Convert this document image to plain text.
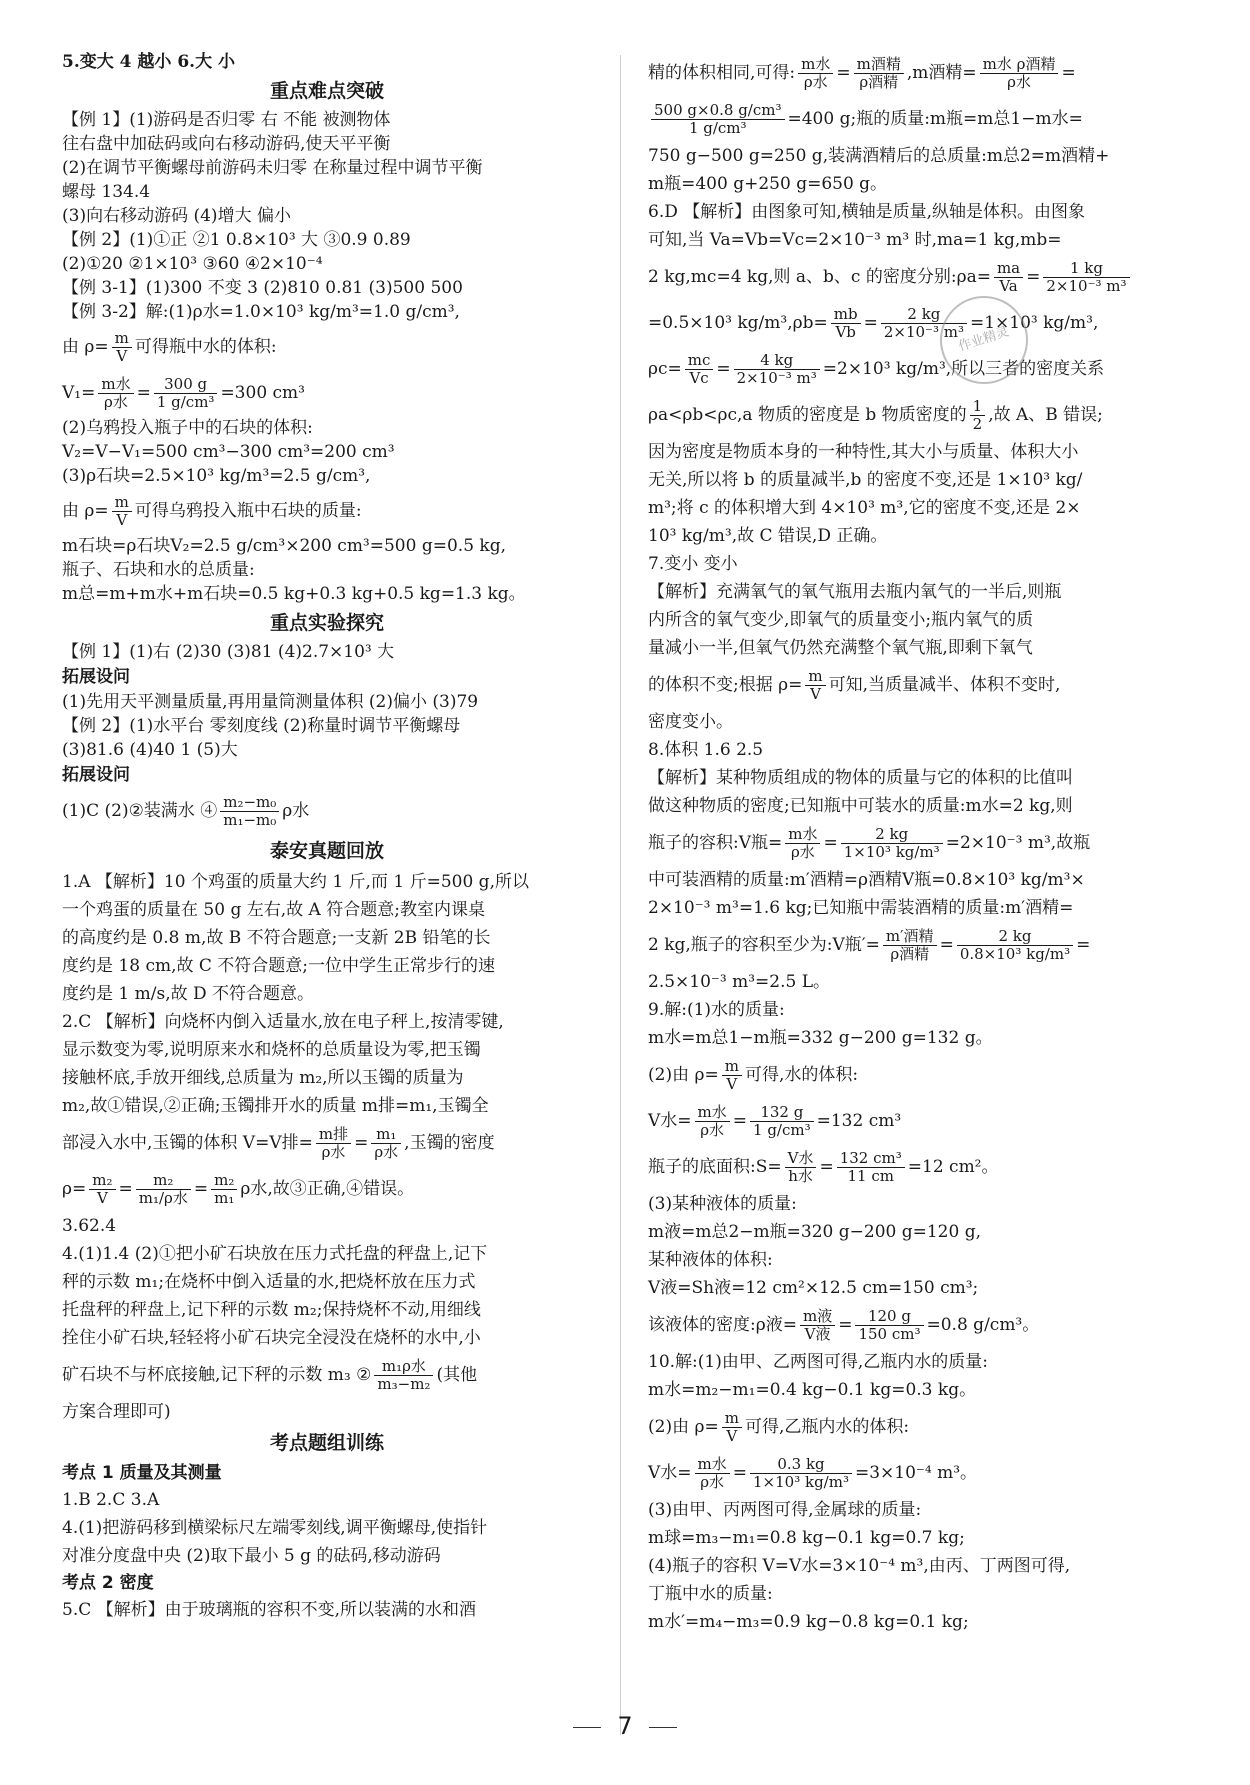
5.变大 4 越小 6.大 小

重点难点突破

【例 1】(1)游码是否归零 右 不能 被测物体

往右盘中加砝码或向右移动游码,使天平平衡

(2)在调节平衡螺母前游码未归零 在称量过程中调节平衡

螺母 134.4

(3)向右移动游码 (4)增大 偏小

【例 2】(1)①正 ②1 0.8×10³ 大 ③0.9 0.89

(2)①20 ②1×10³ ③60 ④2×10⁻⁴

【例 3-1】(1)300 不变 3 (2)810 0.81 (3)500 500

【例 3-2】解:(1)ρ水=1.0×10³ kg/m³=1.0 g/cm³,

由 $\rho= \frac{m}{V}$ 可得瓶中水的体积:
$V_1= \frac{\text{m水}}{\text{ρ水}} = \frac{300 g}{\text{1 g/cm³}} =300$ cm³

(2)乌鸦投入瓶子中的石块的体积:

V₂=V−V₁=500 cm³−300 cm³=200 cm³

(3)ρ石块=2.5×10³ kg/m³=2.5 g/cm³,

由 $\rho= \frac{m}{V}$ 可得乌鸦投入瓶中石块的质量:

m石块=ρ石块V₂=2.5 g/cm³×200 cm³=500 g=0.5 kg,

瓶子、石块和水的总质量:

m总=m+m水+m石块=0.5 kg+0.3 kg+0.5 kg=1.3 kg。

重点实验探究

【例 1】(1)右 (2)30 (3)81 (4)2.7×10³ 大

拓展设问

(1)先用天平测量质量,再用量筒测量体积 (2)偏小 (3)79

【例 2】(1)水平台 零刻度线 (2)称量时调节平衡螺母

(3)81.6 (4)40 1 (5)大

拓展设问
(1)C (2)②装满水 ④ $\frac{\text{m₂−m₀}}{\text{m₁−m₀}}$ ρ水
泰安真题回放

1.A 【解析】10 个鸡蛋的质量大约 1 斤,而 1 斤=500 g,所以

一个鸡蛋的质量在 50 g 左右,故 A 符合题意;教室内课桌

的高度约是 0.8 m,故 B 不符合题意;一支新 2B 铅笔的长

度约是 18 cm,故 C 不符合题意;一位中学生正常步行的速

度约是 1 m/s,故 D 不符合题意。

2.C 【解析】向烧杯内倒入适量水,放在电子秤上,按清零键,

显示数变为零,说明原来水和烧杯的总质量设为零,把玉镯

接触杯底,手放开细线,总质量为 m₂,所以玉镯的质量为

m₂,故①错误,②正确;玉镯排开水的质量 m排=m₁,玉镯全

部浸入水中,玉镯的体积 V=V排= $\frac{\text{m排}}{\text{ρ水}} = \frac{\text{m₁}}{\text{ρ水}}$ ,玉镯的密度
$\rho= \frac{\text{m₂}}{V} = \frac{\text{m₂}}{\text{m₁/ρ水}} = \frac{\text{m₂}}{\text{m₁}}$ ρ水,故③正确,④错误。

3.62.4

4.(1)1.4 (2)①把小矿石块放在压力式托盘的秤盘上,记下

秤的示数 m₁;在烧杯中倒入适量的水,把烧杯放在压力式

托盘秤的秤盘上,记下秤的示数 m₂;保持烧杯不动,用细线

拴住小矿石块,轻轻将小矿石块完全浸没在烧杯的水中,小

矿石块不与杯底接触,记下秤的示数 m₃ ② $\frac{\text{m₁ρ水}}{\text{m₃−m₂}}$ (其他

方案合理即可)

考点题组训练
考点 1 质量及其测量

1.B 2.C 3.A

4.(1)把游码移到横梁标尺左端零刻线,调平衡螺母,使指针

对准分度盘中央 (2)取下最小 5 g 的砝码,移动游码

考点 2 密度

5.C 【解析】由于玻璃瓶的容积不变,所以装满的水和酒

精的体积相同,可得: $\frac{\text{m水}}{\text{ρ水}} = \frac{\text{m酒精}}{\text{ρ酒精}} ,m$酒精= $\frac{\text{m水 ρ酒精}}{\text{ρ水}}$ =
$\frac{\text{500 g×0.8 g/cm³}}{\text{1 g/cm³}} =400$ g;瓶的质量:m瓶=m总1−m水=

750 g−500 g=250 g,装满酒精后的总质量:m总2=m酒精+

m瓶=400 g+250 g=650 g。

6.D 【解析】由图象可知,横轴是质量,纵轴是体积。由图象

可知,当 Va=Vb=Vc=2×10⁻³ m³ 时,ma=1 kg,mb=

2 kg,mc=4 kg,则 a、b、c 的密度分别:ρa= $\frac{ma}{Va} = \frac{1 kg}{\text{2×10⁻³ m³}}$
=0.5×10³ $kg/m^3,\rho b= \frac{mb}{Vb} = \frac{2 kg}{\text{2×10⁻³ m³}} =1\times 10^3$ kg/m³,
$\rho c= \frac{mc}{Vc} = \frac{4 kg}{\text{2×10⁻³ m³}} =2\times 10^3$ kg/m³,所以三者的密度关系
ρa<ρb<ρc,a 物质的密度是 b 物质密度的 $\frac{1}{2}$ ,故 A、B 错误;

因为密度是物质本身的一种特性,其大小与质量、体积大小

无关,所以将 b 的质量减半,b 的密度不变,还是 1×10³ kg/

m³;将 c 的体积增大到 4×10³ m³,它的密度不变,还是 2×

10³ kg/m³,故 C 错误,D 正确。

7.变小 变小

【解析】充满氧气的氧气瓶用去瓶内氧气的一半后,则瓶

内所含的氧气变少,即氧气的质量变小;瓶内氧气的质

量减小一半,但氧气仍然充满整个氧气瓶,即剩下氧气

的体积不变;根据 $\rho= \frac{m}{V}$ 可知,当质量减半、体积不变时,

密度变小。

8.体积 1.6 2.5

【解析】某种物质组成的物体的质量与它的体积的比值叫

做这种物质的密度;已知瓶中可装水的质量:m水=2 kg,则

瓶子的容积:V瓶= $\frac{\text{m水}}{\text{ρ水}} = \frac{2 kg}{\text{1×10³ kg/m³}} =2\times 10^{-3}$ m³,故瓶

中可装酒精的质量:m′酒精=ρ酒精V瓶=0.8×10³ kg/m³×

2×10⁻³ m³=1.6 kg;已知瓶中需装酒精的质量:m′酒精=

2 kg,瓶子的容积至少为:V瓶′= $\frac{\text{m′酒精}}{\text{ρ酒精}} = \frac{2 kg}{\text{0.8×10³ kg/m³}}$ =

2.5×10⁻³ m³=2.5 L。

9.解:(1)水的质量:

m水=m总1−m瓶=332 g−200 g=132 g。

(2)由 $\rho= \frac{m}{V}$ 可得,水的体积:
V水= $\frac{\text{m水}}{\text{ρ水}} = \frac{132 g}{\text{1 g/cm³}} =132$ cm³
瓶子的底面积:S= $\frac{\text{V水}}{\text{h水}} = \frac{\text{132 cm³}}{11 cm} =12$ cm²。

(3)某种液体的质量:

m液=m总2−m瓶=320 g−200 g=120 g,

某种液体的体积:

V液=Sh液=12 cm²×12.5 cm=150 cm³;

该液体的密度:ρ液= $\frac{\text{m液}}{\text{V液}} = \frac{120 g}{\text{150 cm³}} =0.8$ g/cm³。

10.解:(1)由甲、乙两图可得,乙瓶内水的质量:

m水=m₂−m₁=0.4 kg−0.1 kg=0.3 kg。

(2)由 $\rho= \frac{m}{V}$ 可得,乙瓶内水的体积:
V水= $\frac{\text{m水}}{\text{ρ水}} = \frac{0.3 kg}{\text{1×10³ kg/m³}} =3\times 10^{-4}$ m³。

(3)由甲、丙两图可得,金属球的质量:

m球=m₃−m₁=0.8 kg−0.1 kg=0.7 kg;

(4)瓶子的容积 V=V水=3×10⁻⁴ m³,由丙、丁两图可得,

丁瓶中水的质量:

m水′=m₄−m₃=0.9 kg−0.8 kg=0.1 kg;

作业精灵
7
